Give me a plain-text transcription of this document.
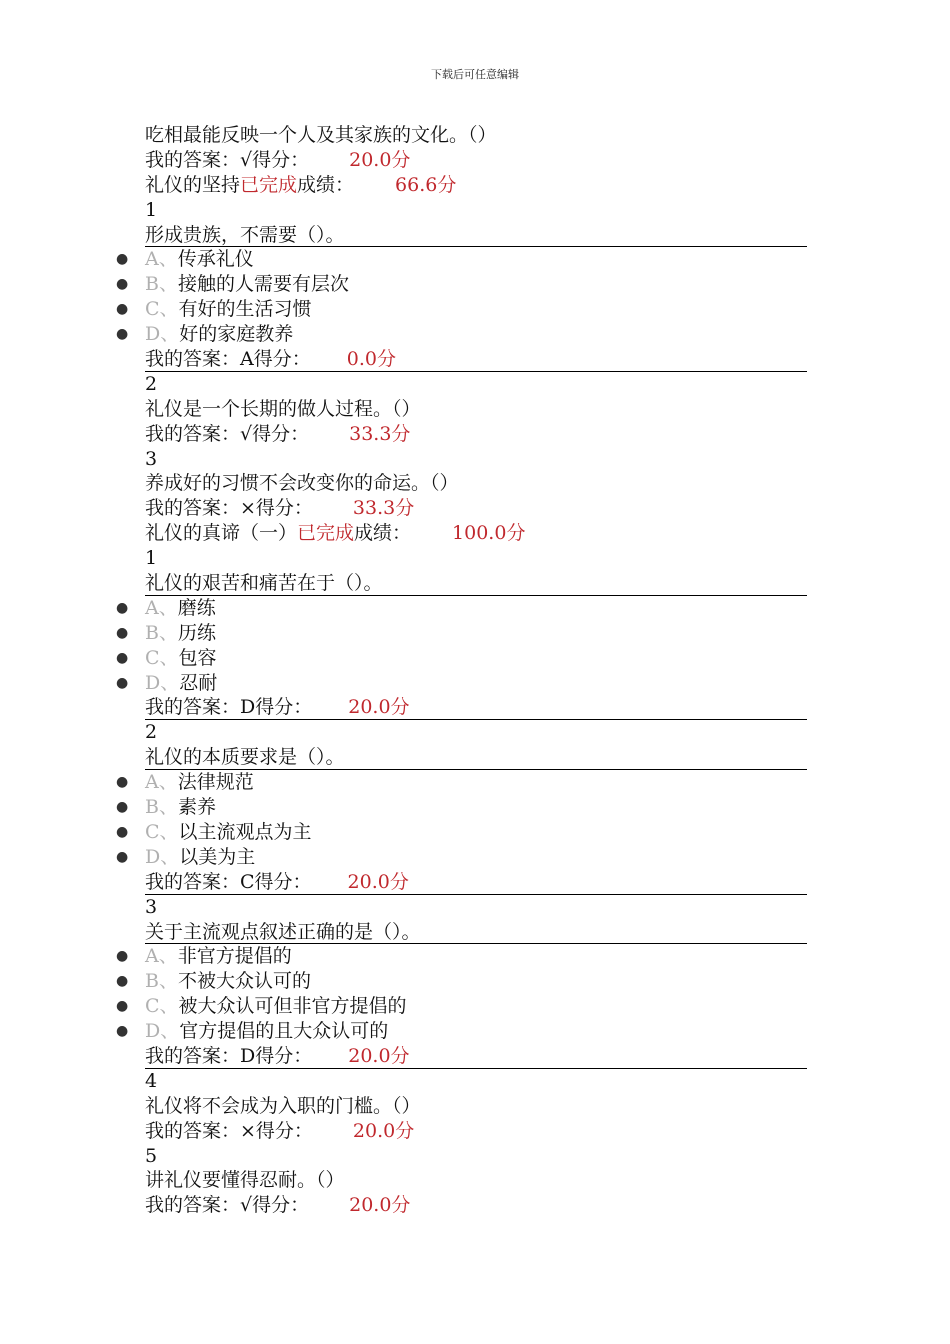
下载后可任意编辑
吃相最能反映一个人及其家族的文化。（）
我的答案：√得分： 20.0分
礼仪的坚持已完成成绩： 66.6分
1
形成贵族，不需要（）。
● A、传承礼仪
● B、接触的人需要有层次
● C、有好的生活习惯
● D、好的家庭教养
我的答案：A得分： 0.0分
2
礼仪是一个长期的做人过程。（）
我的答案：√得分： 33.3分
3
养成好的习惯不会改变你的命运。（）
我的答案：×得分： 33.3分
礼仪的真谛（一）已完成成绩： 100.0分
1
礼仪的艰苦和痛苦在于（）。
● A、磨练
● B、历练
● C、包容
● D、忍耐
我的答案：D得分： 20.0分
2
礼仪的本质要求是（）。
● A、法律规范
● B、素养
● C、以主流观点为主
● D、以美为主
我的答案：C得分： 20.0分
3
关于主流观点叙述正确的是（）。
● A、非官方提倡的
● B、不被大众认可的
● C、被大众认可但非官方提倡的
● D、官方提倡的且大众认可的
我的答案：D得分： 20.0分
4
礼仪将不会成为入职的门槛。（）
我的答案：×得分： 20.0分
5
讲礼仪要懂得忍耐。（）
我的答案：√得分： 20.0分
